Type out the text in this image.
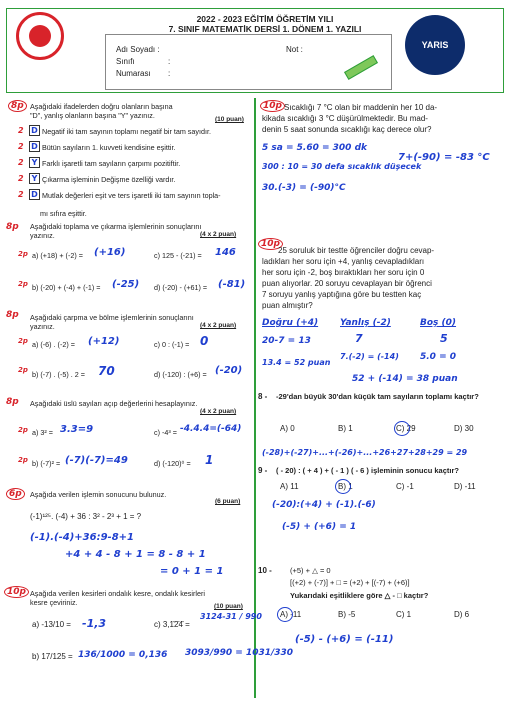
2022 - 2023 EĞİTİM ÖĞRETİM YILI
7. SINIF MATEMATİK DERSİ 1. DÖNEM 1. YAZILI
Adı Soyadı :
Sınıfı	:
Numarası :
Not :	YARIS
8p Aşağıdaki ifadelerden doğru olanların başına
"D", yanlış olanların başına "Y" yazınız.	(10 puan)
2 D Negatif iki tam sayının toplamı negatif bir tam sayıdır.
2 D Bütün sayıların 1. kuvveti kendisine eşittir.
2	Y Farklı işaretli tam sayıların çarpımı pozitiftir.
2	Y Çıkarma işleminin Değişme özelliği vardır.
2 D Mutlak değerleri eşit ve ters işaretli iki tam sayının topla-
mı sıfıra eşittir.
8p Aşağıdaki toplama ve çıkarma işlemlerinin sonuçlarını
yazınız.	(4 x 2 puan)
2p a) (+18) + (-2) = (+16)	c) 125 - (-21) = 146
2p b) (-20) + (-4) + (-1) = (-25) d) (-20) - (+61) = (-81)
8p Aşağıdaki çarpma ve bölme işlemlerinin sonuçlarını
yazınız.	(4 x 2 puan)
2p a) (-6) . (-2) = (+12)	c) 0 : (-1) = 0
2p b) (-7) . (-5) . 2 = 70	d) (-120) : (+6) = (-20)
8p Aşağıdaki üslü sayıları açıp değerlerini hesaplayınız.
(4 x 2 puan)
2p a) 3² = 3.3=9	c) -4³ = -4.4.4=(-64)
2p b) (-7)² = (-7)(-7)=49	d) (-120)⁰ = 1
6p	Aşağıda verilen işlemin sonucunu bulunuz.
(6 puan)
(-1)¹²⁵. (-4) + 36 : 3² - 2³ + 1 = ?
(-1).(-4)+36:9-8+1
+4 + 4 - 8 + 1 = 8 - 8 + 1
= 0 + 1 = 1
10p Aşağıda verilen kesirleri ondalık kesre, ondalık kesirleri
kesre çeviriniz.	(10 puan)
a) -13/10 = -1,3	c) 3,1̄2̄4̄ =
3124-31 / 990
b) 17/125 = 136/1000 = 0,136 3093/990 = 1031/330
10p Sıcaklığı 7 °C olan bir maddenin her 10 da-
kikada sıcaklığı 3 °C düşürülmektedir. Bu mad-
denin 5 saat sonunda sıcaklığı kaç derece olur?
5 sa = 5.60 = 300 dk
300 : 10 = 30 defa sıcaklık düşecek
30.(-3) = (-90)°C
7+(-90) = -83 °C
10p
25 soruluk bir testte öğrenciler doğru cevap-
ladıkları her soru için +4, yanlış cevapladıkları
her soru için -2, boş bıraktıkları her soru için 0
puan alıyorlar. 20 soruyu cevaplayan bir öğrenci
7 soruyu yanlış yaptığına göre bu testten kaç
puan almıştır?
Doğru (+4) Yanlış (-2)	Boş (0)
20-7 = 13	7	5
13.4 = 52 puan
7.(-2) = (-14) 5.0 = 0
52 + (-14) = 38 puan
8 - -29'dan büyük 30'dan küçük tam sayıların toplamı kaçtır?
A) 0	B) 1	C) 29	D) 30
(-28)+(-27)+...+(-26)+...+26+27+28+29 = 29
9 - ( - 20) : ( + 4 ) + ( - 1 ) ( - 6 ) işleminin sonucu kaçtır?
A) 11	B) 1	C) -1	D) -11
(-20):(+4) + (-1).(-6)
(-5) + (+6) = 1
10 - (+5) + △ = 0
[(+2) + (-7)] + □ = (+2) + [(-7) + (+6)]
Yukarıdaki eşitliklere göre △ - □ kaçtır?
A) -11	B) -5	C) 1	D) 6
(-5) - (+6) = (-11)
